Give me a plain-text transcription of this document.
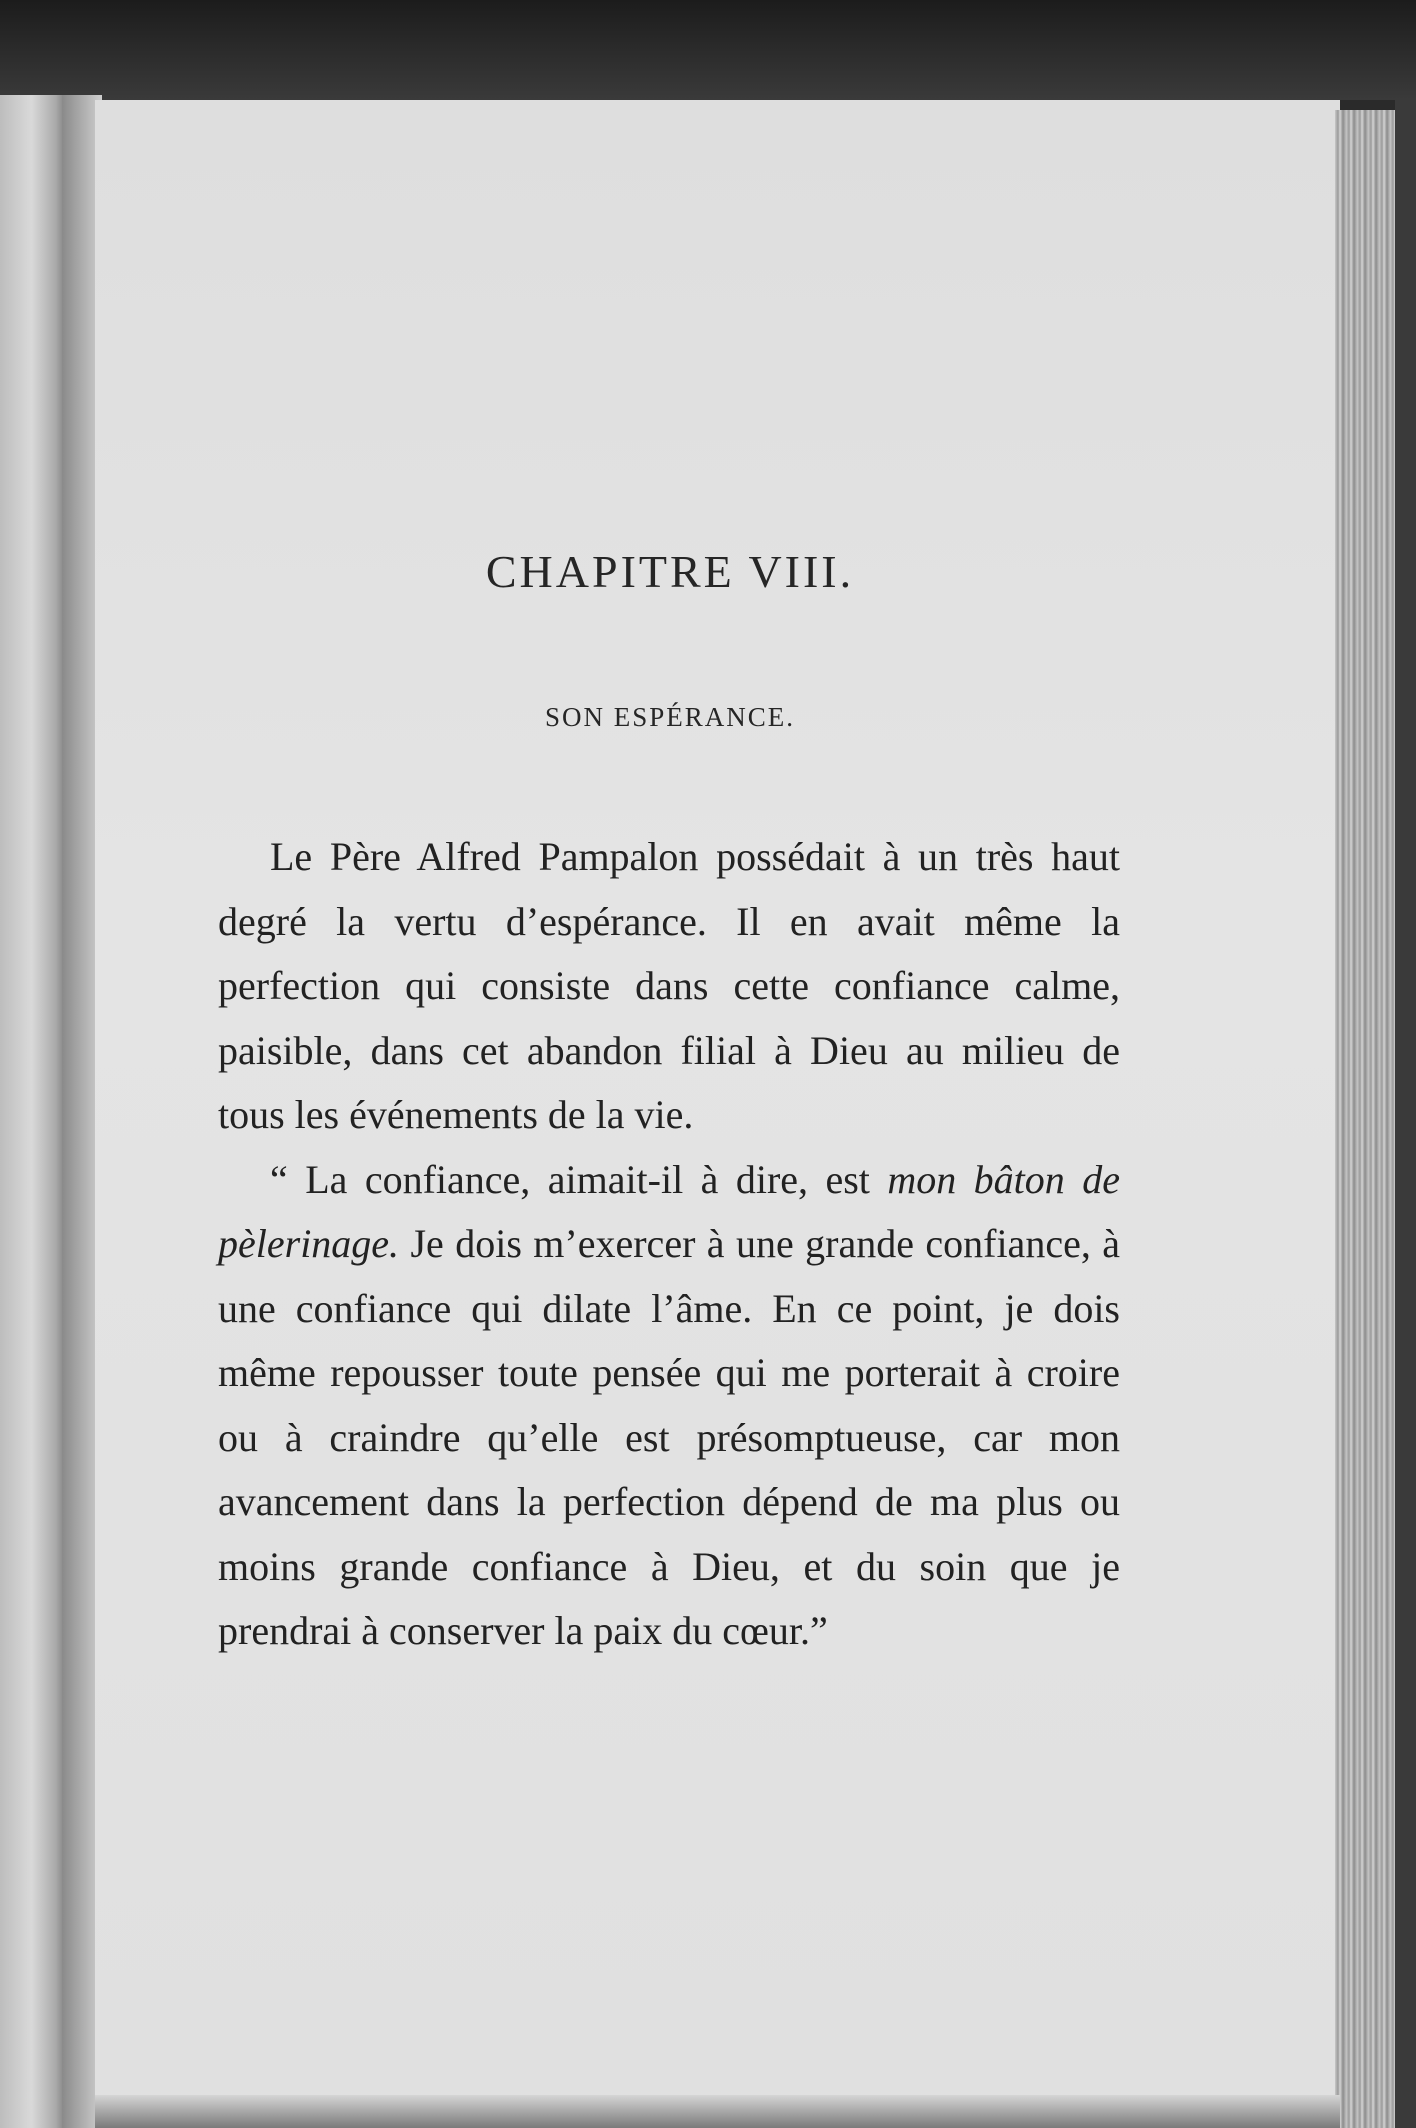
CHAPITRE VIII.
SON ESPÉRANCE.

Le Père Alfred Pampalon possédait à un très haut degré la vertu d’espérance. Il en avait même la perfection qui consiste dans cette confiance calme, paisible, dans cet abandon filial à Dieu au milieu de tous les événements de la vie.

“ La confiance, aimait-il à dire, est mon bâton de pèlerinage. Je dois m’exercer à une grande confiance, à une confiance qui dilate l’âme. En ce point, je dois même repousser toute pensée qui me porterait à croire ou à craindre qu’elle est présomptueuse, car mon avancement dans la perfection dépend de ma plus ou moins grande confiance à Dieu, et du soin que je prendrai à conserver la paix du cœur.”
